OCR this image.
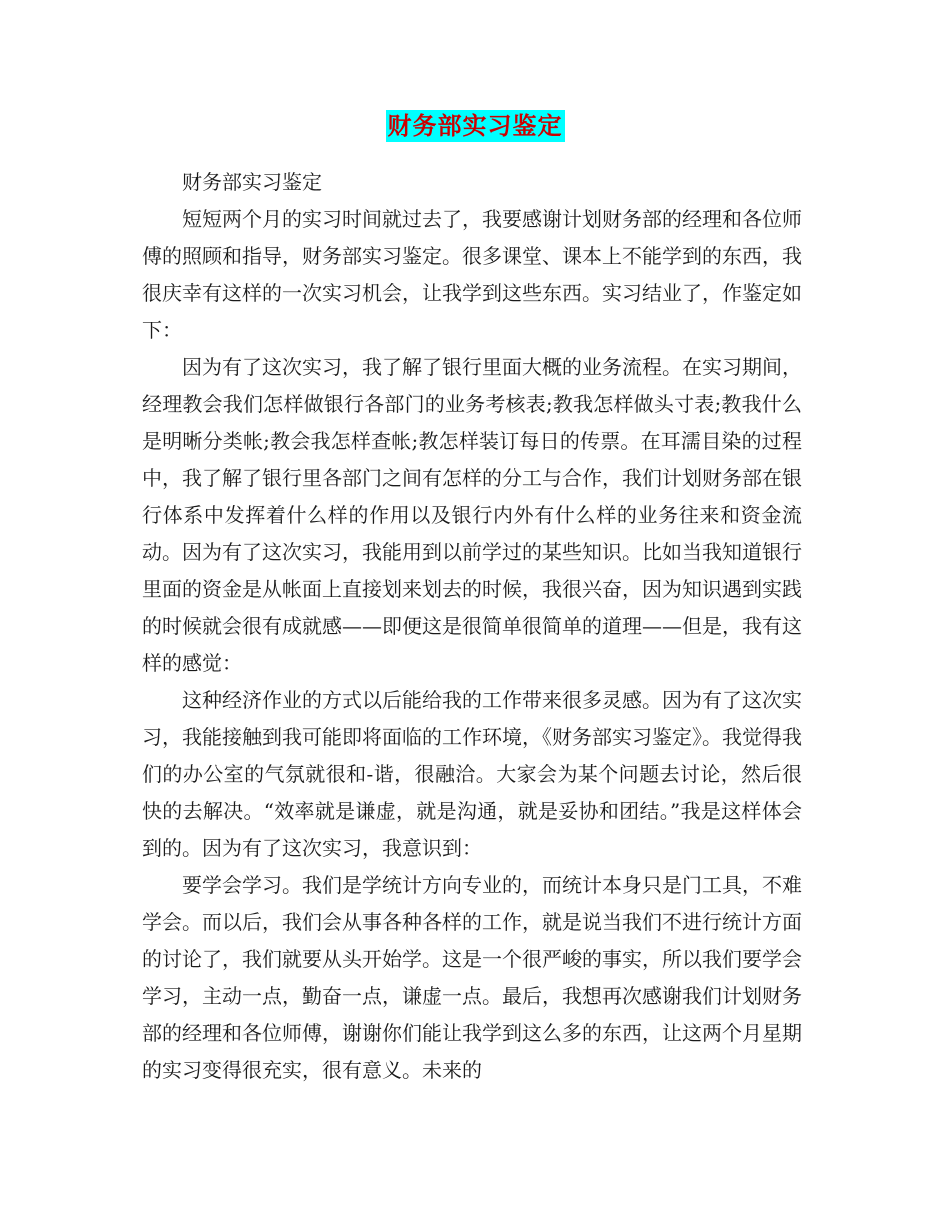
财务部实习鉴定

财务部实习鉴定

短短两个月的实习时间就过去了，我要感谢计划财务部的经理和各位师傅的照顾和指导，财务部实习鉴定。很多课堂、课本上不能学到的东西，我很庆幸有这样的一次实习机会，让我学到这些东西。实习结业了，作鉴定如下：

因为有了这次实习，我了解了银行里面大概的业务流程。在实习期间，经理教会我们怎样做银行各部门的业务考核表;教我怎样做头寸表;教我什么是明晰分类帐;教会我怎样查帐;教怎样装订每日的传票。在耳濡目染的过程中，我了解了银行里各部门之间有怎样的分工与合作，我们计划财务部在银行体系中发挥着什么样的作用以及银行内外有什么样的业务往来和资金流动。因为有了这次实习，我能用到以前学过的某些知识。比如当我知道银行里面的资金是从帐面上直接划来划去的时候，我很兴奋，因为知识遇到实践的时候就会很有成就感——即便这是很简单很简单的道理——但是，我有这样的感觉：

这种经济作业的方式以后能给我的工作带来很多灵感。因为有了这次实习，我能接触到我可能即将面临的工作环境，《财务部实习鉴定》。我觉得我们的办公室的气氛就很和-谐，很融洽。大家会为某个问题去讨论，然后很快的去解决。“效率就是谦虚，就是沟通，就是妥协和团结。”我是这样体会到的。因为有了这次实习，我意识到：

要学会学习。我们是学统计方向专业的，而统计本身只是门工具，不难学会。而以后，我们会从事各种各样的工作，就是说当我们不进行统计方面的讨论了，我们就要从头开始学。这是一个很严峻的事实，所以我们要学会学习，主动一点，勤奋一点，谦虚一点。最后，我想再次感谢我们计划财务部的经理和各位师傅，谢谢你们能让我学到这么多的东西，让这两个月星期的实习变得很充实，很有意义。未来的
